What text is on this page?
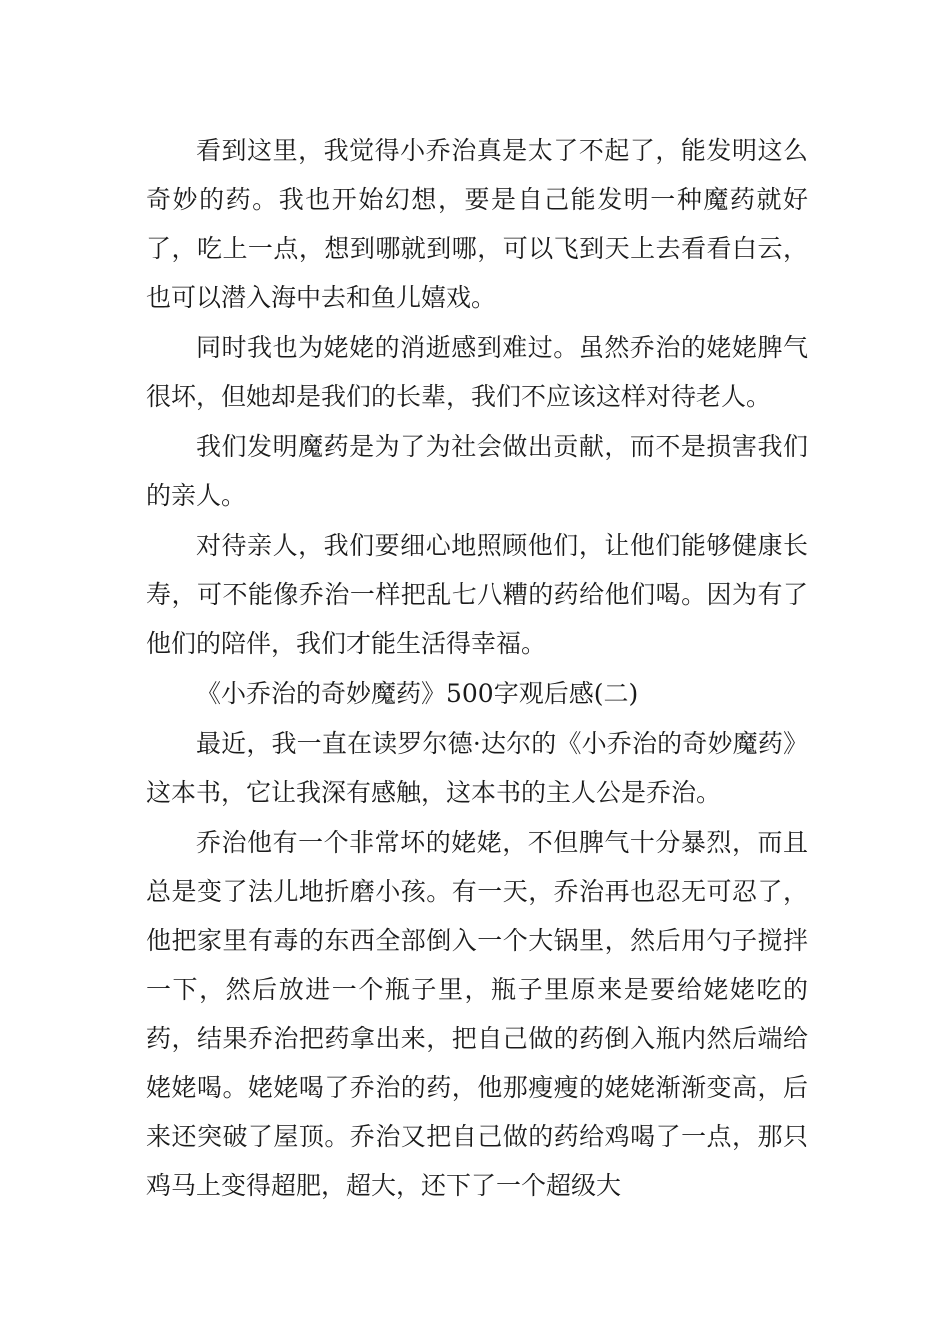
看到这里，我觉得小乔治真是太了不起了，能发明这么奇妙的药。我也开始幻想，要是自己能发明一种魔药就好了，吃上一点，想到哪就到哪，可以飞到天上去看看白云，也可以潜入海中去和鱼儿嬉戏。

同时我也为姥姥的消逝感到难过。虽然乔治的姥姥脾气很坏，但她却是我们的长辈，我们不应该这样对待老人。

我们发明魔药是为了为社会做出贡献，而不是损害我们的亲人。

对待亲人，我们要细心地照顾他们，让他们能够健康长寿，可不能像乔治一样把乱七八糟的药给他们喝。因为有了他们的陪伴，我们才能生活得幸福。

《小乔治的奇妙魔药》500字观后感(二)

最近，我一直在读罗尔德·达尔的《小乔治的奇妙魔药》这本书，它让我深有感触，这本书的主人公是乔治。

乔治他有一个非常坏的姥姥，不但脾气十分暴烈，而且总是变了法儿地折磨小孩。有一天，乔治再也忍无可忍了，他把家里有毒的东西全部倒入一个大锅里，然后用勺子搅拌一下，然后放进一个瓶子里，瓶子里原来是要给姥姥吃的药，结果乔治把药拿出来，把自己做的药倒入瓶内然后端给姥姥喝。姥姥喝了乔治的药，他那瘦瘦的姥姥渐渐变高，后来还突破了屋顶。乔治又把自己做的药给鸡喝了一点，那只鸡马上变得超肥，超大，还下了一个超级大
